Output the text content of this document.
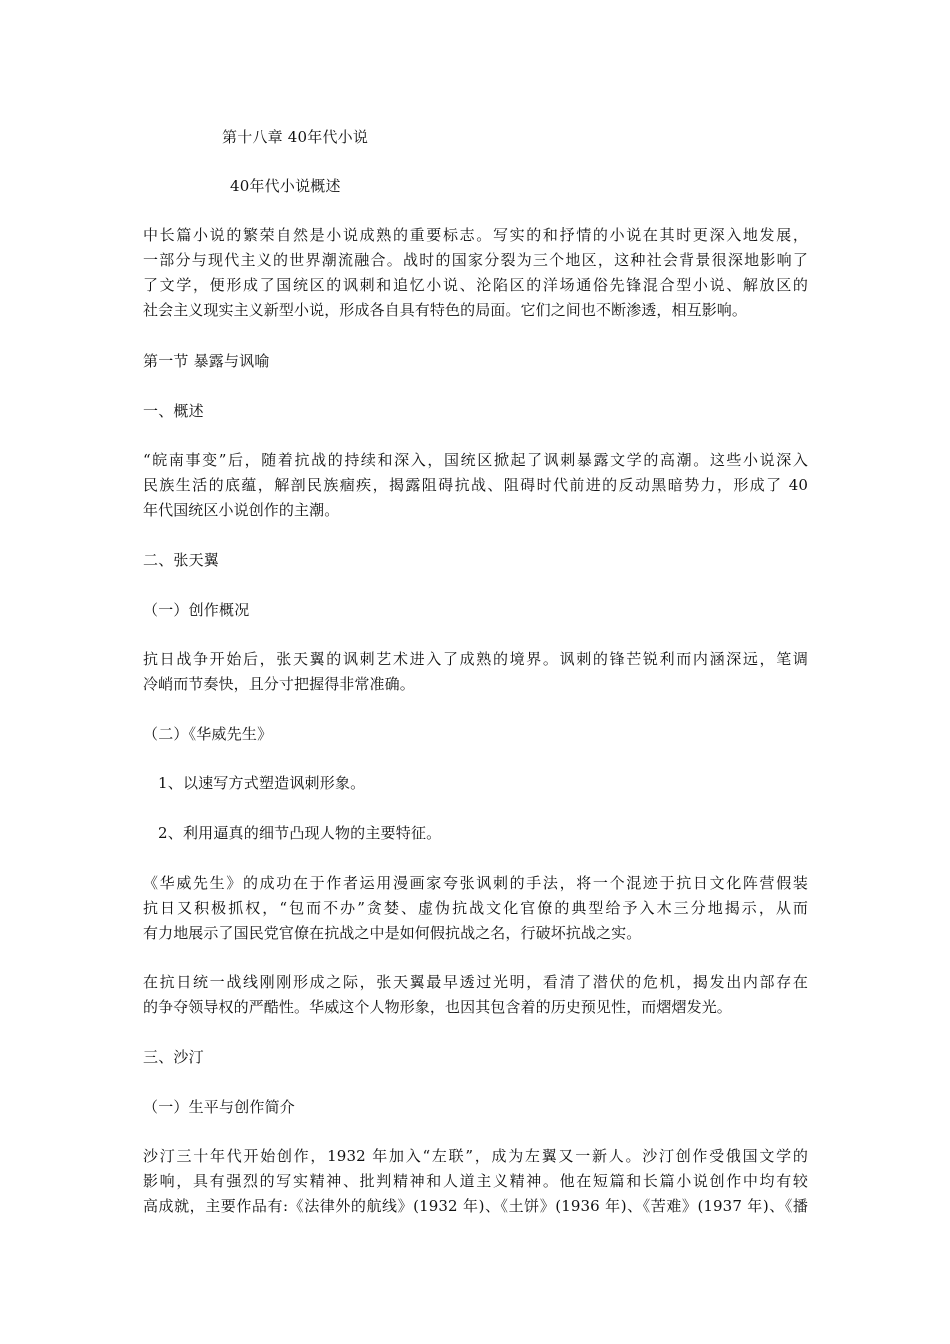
第十八章 40年代小说
40年代小说概述
中长篇小说的繁荣自然是小说成熟的重要标志。写实的和抒情的小说在其时更深入地发展，
一部分与现代主义的世界潮流融合。战时的国家分裂为三个地区，这种社会背景很深地影响了
了文学，便形成了国统区的讽刺和追忆小说、沦陷区的洋场通俗先锋混合型小说、解放区的
社会主义现实主义新型小说，形成各自具有特色的局面。它们之间也不断渗透，相互影响。
第一节 暴露与讽喻
一、概述
“皖南事变”后，随着抗战的持续和深入，国统区掀起了讽刺暴露文学的高潮。这些小说深入
民族生活的底蕴，解剖民族痼疾，揭露阻碍抗战、阻碍时代前进的反动黑暗势力，形成了 40
年代国统区小说创作的主潮。
二、张天翼
（一）创作概况
抗日战争开始后，张天翼的讽刺艺术进入了成熟的境界。讽刺的锋芒锐利而内涵深远，笔调
冷峭而节奏快，且分寸把握得非常准确。
（二）《华威先生》
1、以速写方式塑造讽刺形象。
2、利用逼真的细节凸现人物的主要特征。
《华威先生》的成功在于作者运用漫画家夸张讽刺的手法，将一个混迹于抗日文化阵营假装
抗日又积极抓权，“包而不办”贪婪、虚伪抗战文化官僚的典型给予入木三分地揭示，从而
有力地展示了国民党官僚在抗战之中是如何假抗战之名，行破坏抗战之实。
在抗日统一战线刚刚形成之际，张天翼最早透过光明，看清了潜伏的危机，揭发出内部存在
的争夺领导权的严酷性。华威这个人物形象，也因其包含着的历史预见性，而熠熠发光。
三、沙汀
（一）生平与创作简介
沙汀三十年代开始创作，1932 年加入“左联”，成为左翼又一新人。沙汀创作受俄国文学的
影响，具有强烈的写实精神、批判精神和人道主义精神。他在短篇和长篇小说创作中均有较
高成就，主要作品有:《法律外的航线》(1932 年)、《土饼》(1936 年)、《苦难》(1937 年)、《播
